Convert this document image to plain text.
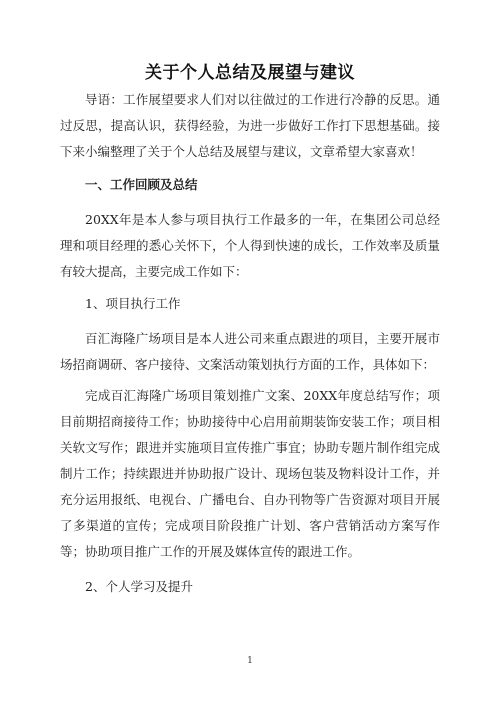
关于个人总结及展望与建议

导语：工作展望要求人们对以往做过的工作进行冷静的反思。通过反思，提高认识，获得经验，为进一步做好工作打下思想基础。接下来小编整理了关于个人总结及展望与建议，文章希望大家喜欢！

一、工作回顾及总结

20XX年是本人参与项目执行工作最多的一年，在集团公司总经理和项目经理的悉心关怀下，个人得到快速的成长，工作效率及质量有较大提高，主要完成工作如下：

1、项目执行工作

百汇海隆广场项目是本人进公司来重点跟进的项目，主要开展市场招商调研、客户接待、文案活动策划执行方面的工作，具体如下：

完成百汇海隆广场项目策划推广文案、20XX年度总结写作；项目前期招商接待工作；协助接待中心启用前期装饰安装工作；项目相关软文写作；跟进并实施项目宣传推广事宜；协助专题片制作组完成制片工作；持续跟进并协助报广设计、现场包装及物料设计工作，并充分运用报纸、电视台、广播电台、自办刊物等广告资源对项目开展了多渠道的宣传；完成项目阶段推广计划、客户营销活动方案写作等；协助项目推广工作的开展及媒体宣传的跟进工作。

2、个人学习及提升

1
